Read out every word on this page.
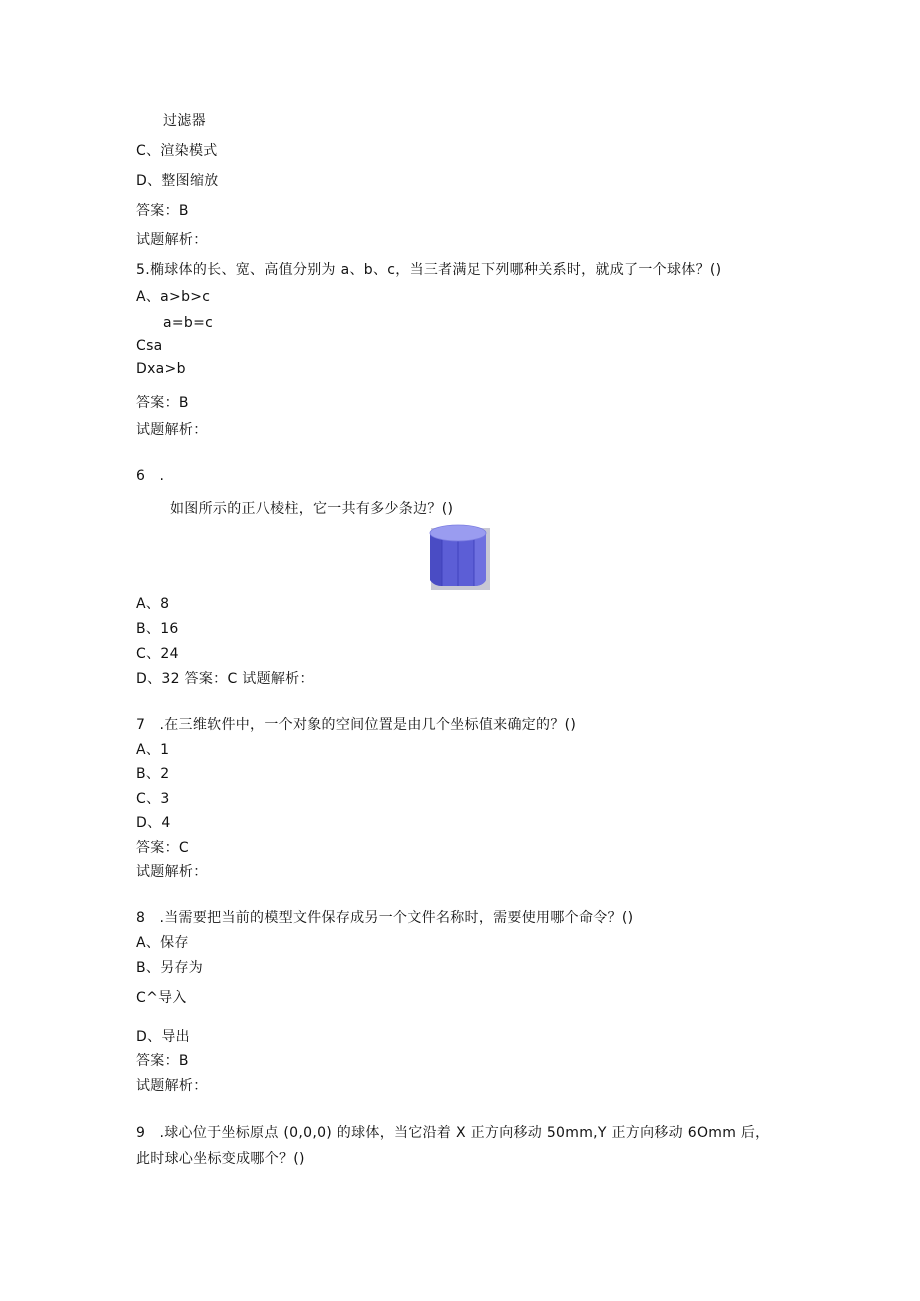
过滤器
C、渲染模式
D、整图缩放
答案：B
试题解析：
5.椭球体的长、宽、高值分别为 a、b、c，当三者满足下列哪种关系时，就成了一个球体？()
A、a>b>c
a=b=c
Csa
Dxa>b
答案：B
试题解析：
6　.
如图所示的正八棱柱，它一共有多少条边？()
A、8
B、16
C、24
D、32 答案：C 试题解析：
7　.在三维软件中，一个对象的空间位置是由几个坐标值来确定的？()
A、1
B、2
C、3
D、4
答案：C
试题解析：
8　.当需要把当前的模型文件保存成另一个文件名称时，需要使用哪个命令？()
A、保存
B、另存为
C^导入
D、导出
答案：B
试题解析：
9　.球心位于坐标原点 (0,0,0) 的球体，当它沿着 X 正方向移动 50mm,Y 正方向移动 6Omm 后，
此时球心坐标变成哪个？()
